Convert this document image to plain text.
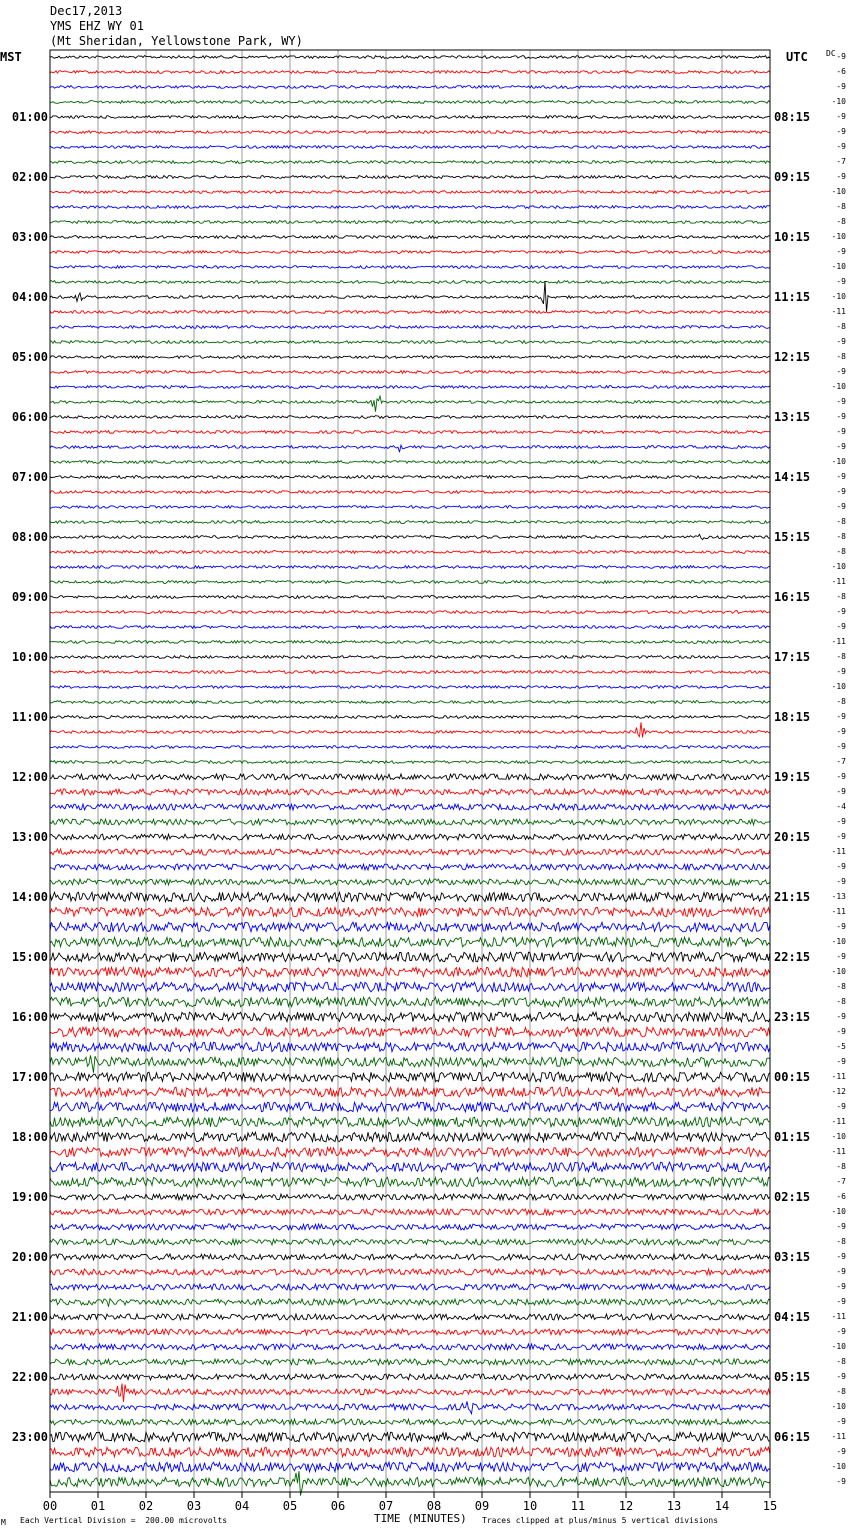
Dec17,2013
YMS EHZ WY 01
(Mt Sheridan, Yellowstone Park, WY)
MST	UTC DC
01:00
02:00
03:00
04:00
05:00
06:00
07:00
08:00
09:00
10:00
11:00
12:00
13:00
14:00
15:00
16:00
17:00
18:00
19:00
20:00
21:00
22:00
23:00
08:15
09:15
10:15
11:15
12:15
13:15
14:15
15:15
16:15
17:15
18:15
19:15
20:15
21:15
22:15
23:15
00:15
01:15
02:15
03:15
04:15
05:15
06:15
-9
-6
-9
-10
-9
-9
-9
-7
-9
-10
-8
-8
-10
-9
-10
-9
-10
-11
-8
-9
-8
-9
-10
-9
-9
-9
-9
-10
-9
-9
-9
-8
-8
-8
-10
-11
-8
-9
-9
-11
-8
-9
-10
-8
-9
-9
-9
-7
-9
-9
-4
-9
-9
-11
-9
-9
-13
-11
-9
-10
-9
-10
-8
-8
-9
-9
-5
-9
-11
-12
-9
-11
-10
-11
-8
-7
-6
-10
-9
-8
-9
-9
-9
-9
-11
-9
-10
-8
-9
-8
-10
-9
-11
-9
-10
-9
00	01	02	03	04	05	06	07	08	09	10	11	12	13	14	15
TIME (MINUTES)
Each Vertical Division =  200.00 microvolts	Traces clipped at plus/minus 5 vertical divisions
M
